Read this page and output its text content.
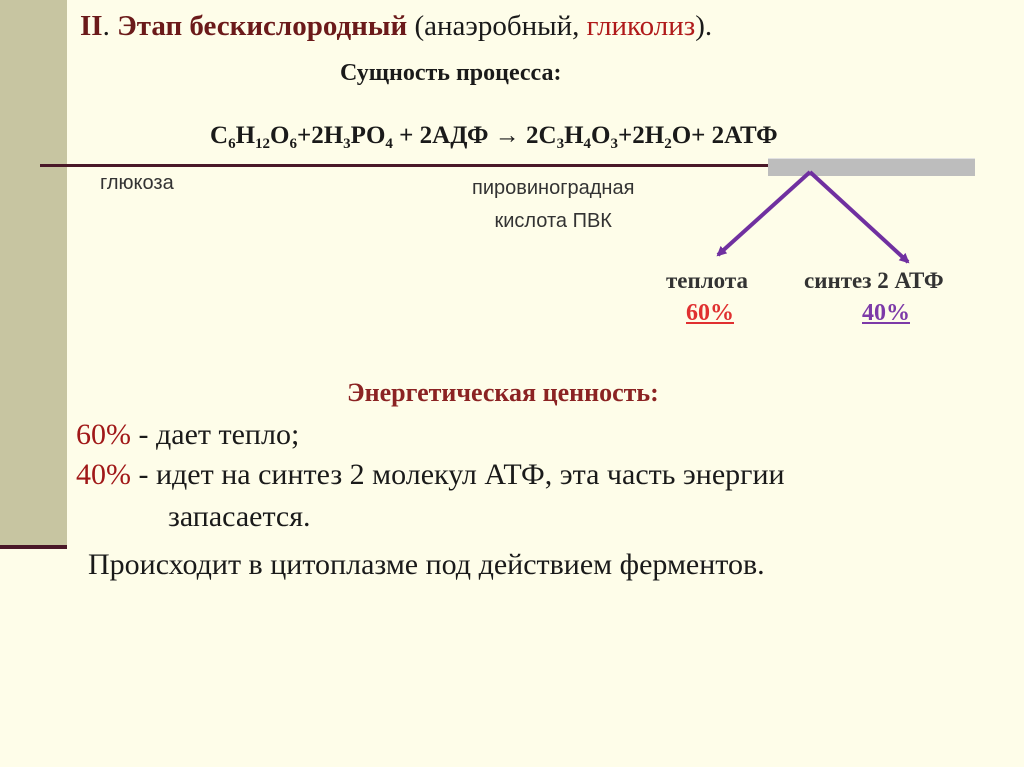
II. Этап бескислородный (анаэробный, гликолиз).
Сущность процесса:
$C_6H_{12}O_6+2H_3PO_4 + 2АДФ \to 2C_3H_4O_3+2H_2O+ 2АТФ$
глюкоза	пировиноградная
кислота ПВК
теплота синтез 2 АТФ
60%	40%
Энергетическая ценность:
60% - дает тепло;
40% - идет на синтез 2 молекул АТФ, эта часть энергии
запасается.
Происходит в цитоплазме под действием ферментов.
